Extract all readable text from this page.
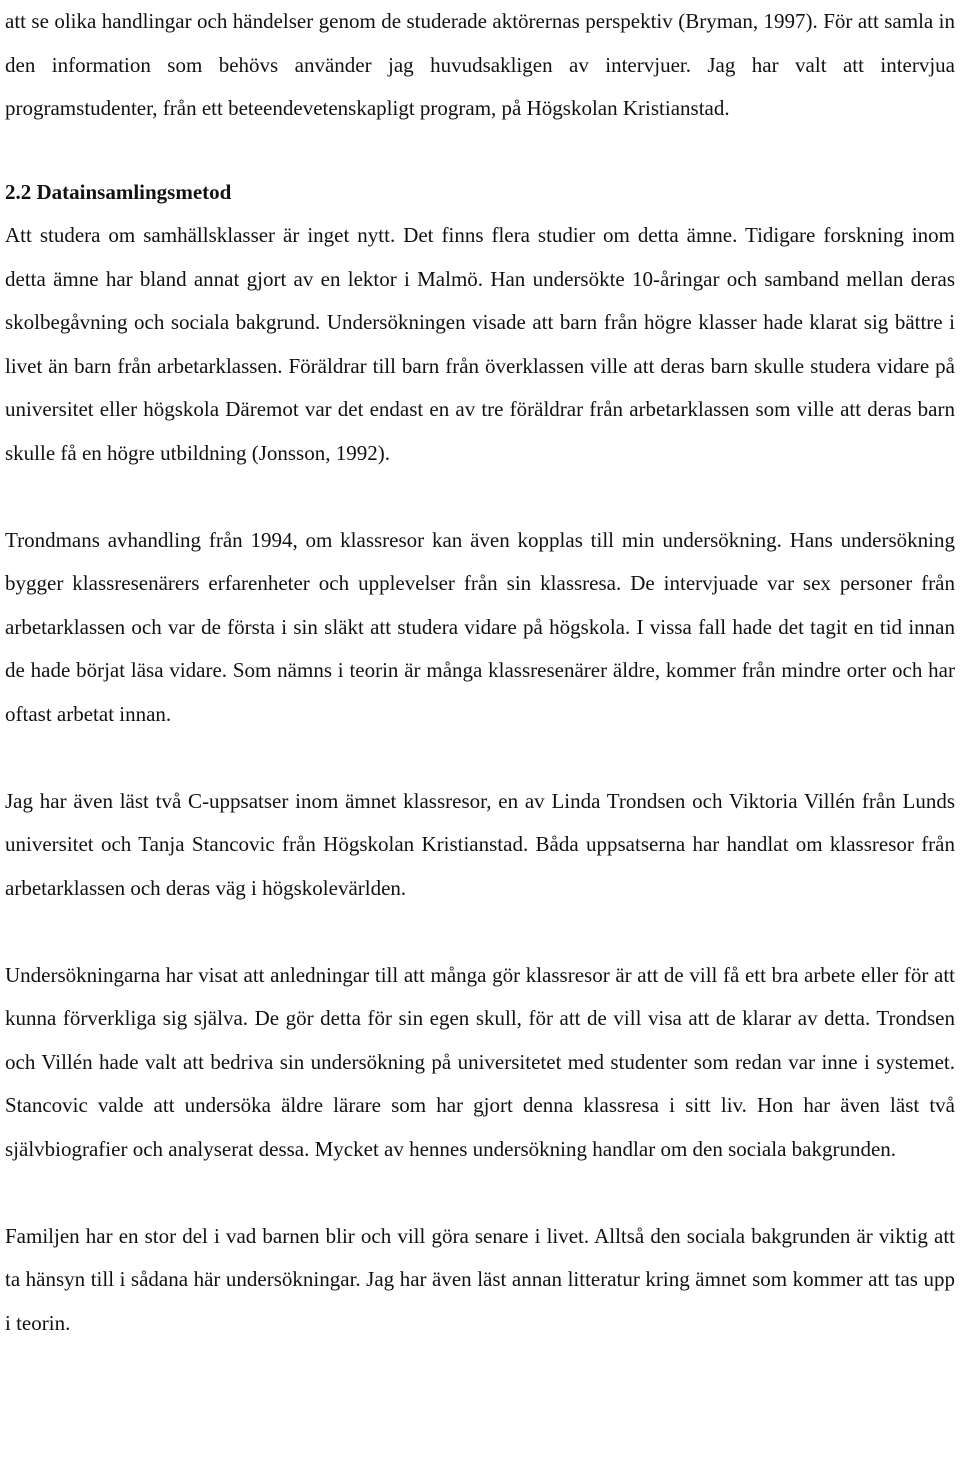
att se olika handlingar och händelser genom de studerade aktörernas perspektiv (Bryman, 1997). För att samla in den information som behövs använder jag huvudsakligen av intervjuer. Jag har valt att intervjua programstudenter, från ett beteendevetenskapligt program, på Högskolan Kristianstad.

2.2 Datainsamlingsmetod

Att studera om samhällsklasser är inget nytt. Det finns flera studier om detta ämne. Tidigare forskning inom detta ämne har bland annat gjort av en lektor i Malmö. Han undersökte 10-åringar och samband mellan deras skolbegåvning och sociala bakgrund. Undersökningen visade att barn från högre klasser hade klarat sig bättre i livet än barn från arbetarklassen. Föräldrar till barn från överklassen ville att deras barn skulle studera vidare på universitet eller högskola Däremot var det endast en av tre föräldrar från arbetarklassen som ville att deras barn skulle få en högre utbildning (Jonsson, 1992).

Trondmans avhandling från 1994, om klassresor kan även kopplas till min undersökning. Hans undersökning bygger klassresenärers erfarenheter och upplevelser från sin klassresa. De intervjuade var sex personer från arbetarklassen och var de första i sin släkt att studera vidare på högskola. I vissa fall hade det tagit en tid innan de hade börjat läsa vidare. Som nämns i teorin är många klassresenärer äldre, kommer från mindre orter och har oftast arbetat innan.

Jag har även läst två C-uppsatser inom ämnet klassresor, en av Linda Trondsen och Viktoria Villén från Lunds universitet och Tanja Stancovic från Högskolan Kristianstad. Båda uppsatserna har handlat om klassresor från arbetarklassen och deras väg i högskolevärlden.

Undersökningarna har visat att anledningar till att många gör klassresor är att de vill få ett bra arbete eller för att kunna förverkliga sig själva. De gör detta för sin egen skull, för att de vill visa att de klarar av detta. Trondsen och Villén hade valt att bedriva sin undersökning på universitetet med studenter som redan var inne i systemet. Stancovic valde att undersöka äldre lärare som har gjort denna klassresa i sitt liv. Hon har även läst två självbiografier och analyserat dessa. Mycket av hennes undersökning handlar om den sociala bakgrunden.

Familjen har en stor del i vad barnen blir och vill göra senare i livet. Alltså den sociala bakgrunden är viktig att ta hänsyn till i sådana här undersökningar. Jag har även läst annan litteratur kring ämnet som kommer att tas upp i teorin.
